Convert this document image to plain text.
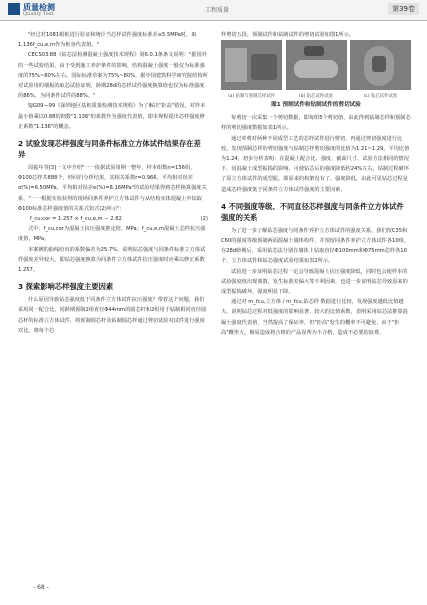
质量检测
Quality Test	工程质量	第39卷

"经过对1081根桩进行验证和统计当芯样试件强度标准差≥5.5MPa时，取1.136f_cu,e,m作为桩身代表值。"

CECS03∶88《钻芯法检测混凝土强度技术规程》第6.0.1条条文说明："据国外的一些试验结果，由于受到施工养护条件的影响，结构混凝土强度一般仅为标准强度的75%~80%左右，国际标准草案为75%~80%，据中国建筑科学研究院结构所对试验用的墙板的取芯试验证明，龄期28d的芯样试件强度换算值也仅为标准强度的86%，为同条件试件的88%。"

SJG09—99《深圳地区基桩质量检测技术规程》为了解决"拒高"错误，对样本最小值乘以0.88的倒数"1.136"的系数作为强度代表值，即本规程提出芯样强度修正系数"1.136"的概念。

2 试验发现芯样强度与同条件标准立方体试件结果存在差异

周振年等[3]一文中介绍"一一依据试验周期一整年，样本组数n=156组，Φ100芯样共888个，经回归分析结果，其相关系数r=0.966，平均相对误差σ(%)=6.50MPa，平均相对误差e(%)=8.16MPa"的试验结果得到芯样换算强度关系，"一一根据实验获得的现场同条件养护立方体试件与从结构实体混凝土中钻取Φ100标准芯样强度值的关系式如式(2)所示"：

f_cu,cor = 1.257 × f_cu,e,m − 2.82	(2)

式中：f_cu,cor为混凝土抗压强度推定值，MPa；f_cu,e,m混凝土芯样抗压强度值，MPa。

本案例的曲线给出的系数偏差为25.7%，说明钻芯强度与同条件标准立方体试件强度差异较大，即钻芯强度换算为同条件立方体试件抗压强度时应乘以修正系数1.257。

3 探索影响芯样强度主要因素

什么原因导致钻芯强度低于同条件立方体试件抗压强度？带着这个问题，我们采用同一配合比，同龄期预制2组直径Φ44mm的圆芯杆和2组用于钻制相同直径圆芯杆的标准立方体试件，将预制圆芯杆及钻制圆芯样通过剪切试验对试件进行强度对比，将每个芯

样剪切五段，预制试件和钻制试件的剪切试验如图1所示。

(a) 钻制与预制芯样试件	(b) 钻芯试件试验	(c) 钻芯试件试验
图1 预制试件和钻制试件的剪切试验

每剪切一次采集一个剪切数据，即每组5个剪切值，由此得到钻制芯样和预制芯样的剪切强度数据如表1所示。

通过单剪对两种不同成型工艺的芯样试件进行剪切，再通过剪切强度进行比较，发现预制芯样的剪切强度与钻制芯样剪切强度的比值为1.21~1.29，平均比值为1.24，初步分析表明：在混凝土配合比、强度、截面尺寸、试验方法相同的情况下，因混凝土成型振捣的影响，可使钻芯后的强度降低约24%左右，钻制过程破坏了原立方体试件的成型振，即原来的构架没有了，强度降低，由此可见钻芯过程是造成芯样强度低于同条件立方体试件强度的主要因素。

4 不同强度等级、不同直径芯样强度与同条件立方体试件强度的关系

为了进一步了解钻芯强度与同条件养护立方体试件的强度关系，我们按C35和C60的强度等级预制两面混凝土墙体构件，并预留同条件养护立方体试件各10组，在28d龄期后，采用钻芯法分别在墙体上钻取直径Φ100mm和Φ75mm芯样各10个，立方体试件和钻芯强度试验结果如表2所示。

试验进一步证明钻芯过程一定会导致混凝土抗压强度降低，同时也会使样本的试验强度值出现离散，发生标准差偏大等不利因素，也进一步证明钻芯导致原来的成型振捣破坏，强度明显下降。

通过对 m_fcu,立方体 / m_fcu,钻芯样 数据进行比较，发现强度越低比值越大，说明钻芯过程对低强度的影响显著，较大的比值系数，表明采用钻芯法推算混凝土强度代表值，当然提高了保证率，但"拒高"发生的概率不可避免，由于"拒高"概率大，极易造成将合格的产品误判为不合格，造成不必要的浪费。

- 68 -
